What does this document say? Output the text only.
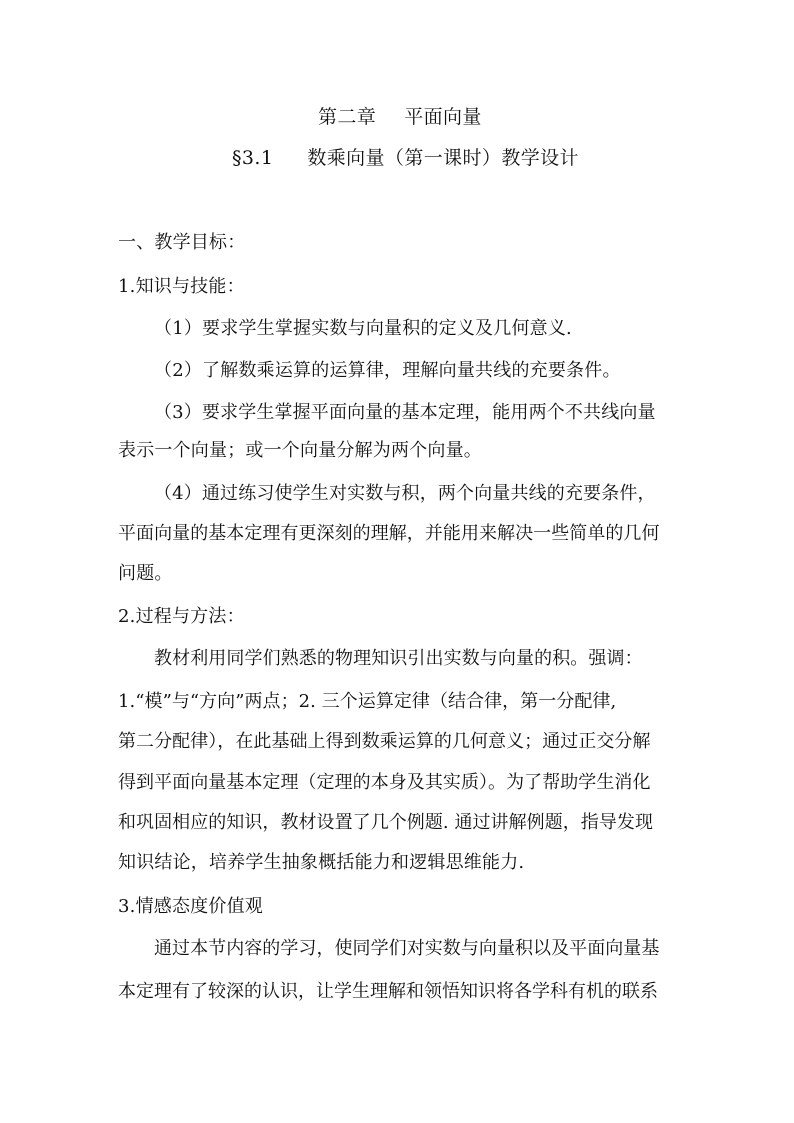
第二章 平面向量
§3.1 数乘向量（第一课时）教学设计
一、教学目标：
1.知识与技能：
（1）要求学生掌握实数与向量积的定义及几何意义.
（2）了解数乘运算的运算律，理解向量共线的充要条件。
（3）要求学生掌握平面向量的基本定理，能用两个不共线向量
表示一个向量；或一个向量分解为两个向量。
（4）通过练习使学生对实数与积，两个向量共线的充要条件，
平面向量的基本定理有更深刻的理解，并能用来解决一些简单的几何
问题。
2.过程与方法：
教材利用同学们熟悉的物理知识引出实数与向量的积。强调：
1.“模”与“方向”两点；2. 三个运算定律（结合律，第一分配律,
第二分配律），在此基础上得到数乘运算的几何意义；通过正交分解
得到平面向量基本定理（定理的本身及其实质）。为了帮助学生消化
和巩固相应的知识，教材设置了几个例题. 通过讲解例题，指导发现
知识结论，培养学生抽象概括能力和逻辑思维能力.
3.情感态度价值观
通过本节内容的学习，使同学们对实数与向量积以及平面向量基
本定理有了较深的认识，让学生理解和领悟知识将各学科有机的联系
